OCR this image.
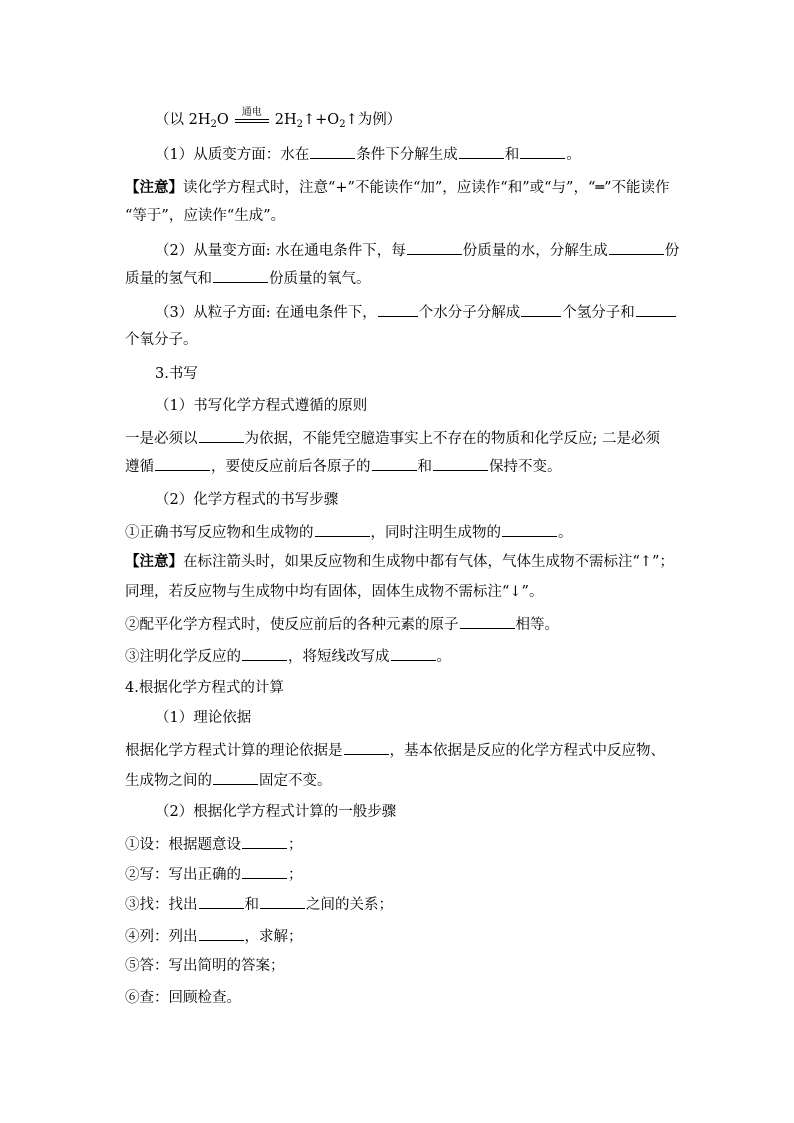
（以 $2H_2O$	通电 $2H_2↑+O_2↑$为例）
（1）从质变方面：水在	条件下分解生成	和	。
【注意】读化学方程式时，注意“+”不能读作“加”，应读作“和”或“与”，“═”不能读作
“等于”，应读作“生成”。
（2）从量变方面: 水在通电条件下，每	份质量的水，分解生成	份
质量的氢气和	份质量的氧气。
（3）从粒子方面: 在通电条件下，	个水分子分解成	个氢分子和
个氧分子。
3.书写
（1）书写化学方程式遵循的原则
一是必须以	为依据，不能凭空臆造事实上不存在的物质和化学反应; 二是必须
遵循	，要使反应前后各原子的	和	保持不变。
（2）化学方程式的书写步骤
①正确书写反应物和生成物的	，同时注明生成物的	。
【注意】在标注箭头时，如果反应物和生成物中都有气体，气体生成物不需标注“↑”；
同理，若反应物与生成物中均有固体，固体生成物不需标注“↓”。
②配平化学方程式时，使反应前后的各种元素的原子	相等。
③注明化学反应的	，将短线改写成	。
4.根据化学方程式的计算
（1）理论依据
根据化学方程式计算的理论依据是	，基本依据是反应的化学方程式中反应物、
生成物之间的	固定不变。
（2）根据化学方程式计算的一般步骤
①设：根据题意设	；
②写：写出正确的	；
③找：找出	和	之间的关系；
④列：列出	，求解；
⑤答：写出简明的答案；
⑥查：回顾检查。
